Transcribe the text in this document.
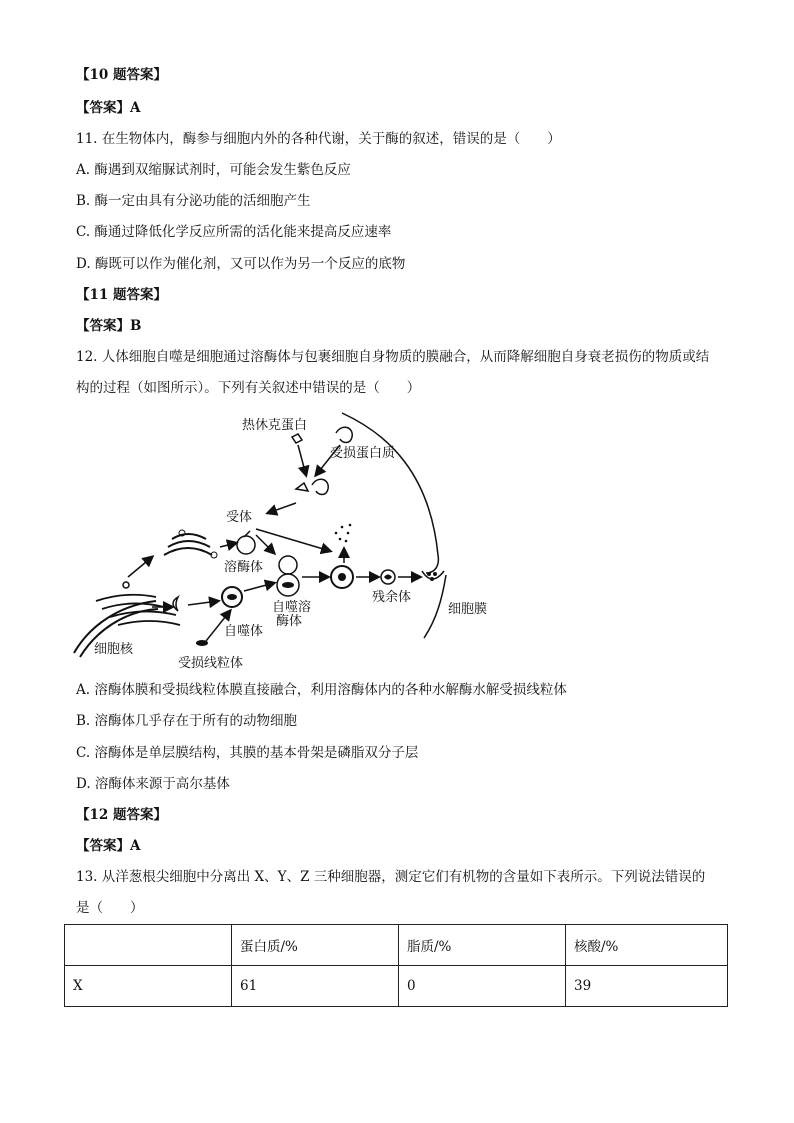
【10 题答案】
【答案】A
11. 在生物体内，酶参与细胞内外的各种代谢，关于酶的叙述，错误的是（　　）
A. 酶遇到双缩脲试剂时，可能会发生紫色反应
B. 酶一定由具有分泌功能的活细胞产生
C. 酶通过降低化学反应所需的活化能来提高反应速率
D. 酶既可以作为催化剂，又可以作为另一个反应的底物
【11 题答案】
【答案】B
12. 人体细胞自噬是细胞通过溶酶体与包裹细胞自身物质的膜融合，从而降解细胞自身衰老损伤的物质或结
构的过程（如图所示）。下列有关叙述中错误的是（　　）
热休克蛋白
受损蛋白质
受体
细胞核
溶酶体
自噬体
受损线粒体
自噬溶
酶体
残余体
细胞膜
A. 溶酶体膜和受损线粒体膜直接融合，利用溶酶体内的各种水解酶水解受损线粒体
B. 溶酶体几乎存在于所有的动物细胞
C. 溶酶体是单层膜结构，其膜的基本骨架是磷脂双分子层
D. 溶酶体来源于高尔基体
【12 题答案】
【答案】A
13. 从洋葱根尖细胞中分离出 X、Y、Z 三种细胞器，测定它们有机物的含量如下表所示。下列说法错误的
是（　　）
	蛋白质/%	脂质/%	核酸/%
X	61	0	39
